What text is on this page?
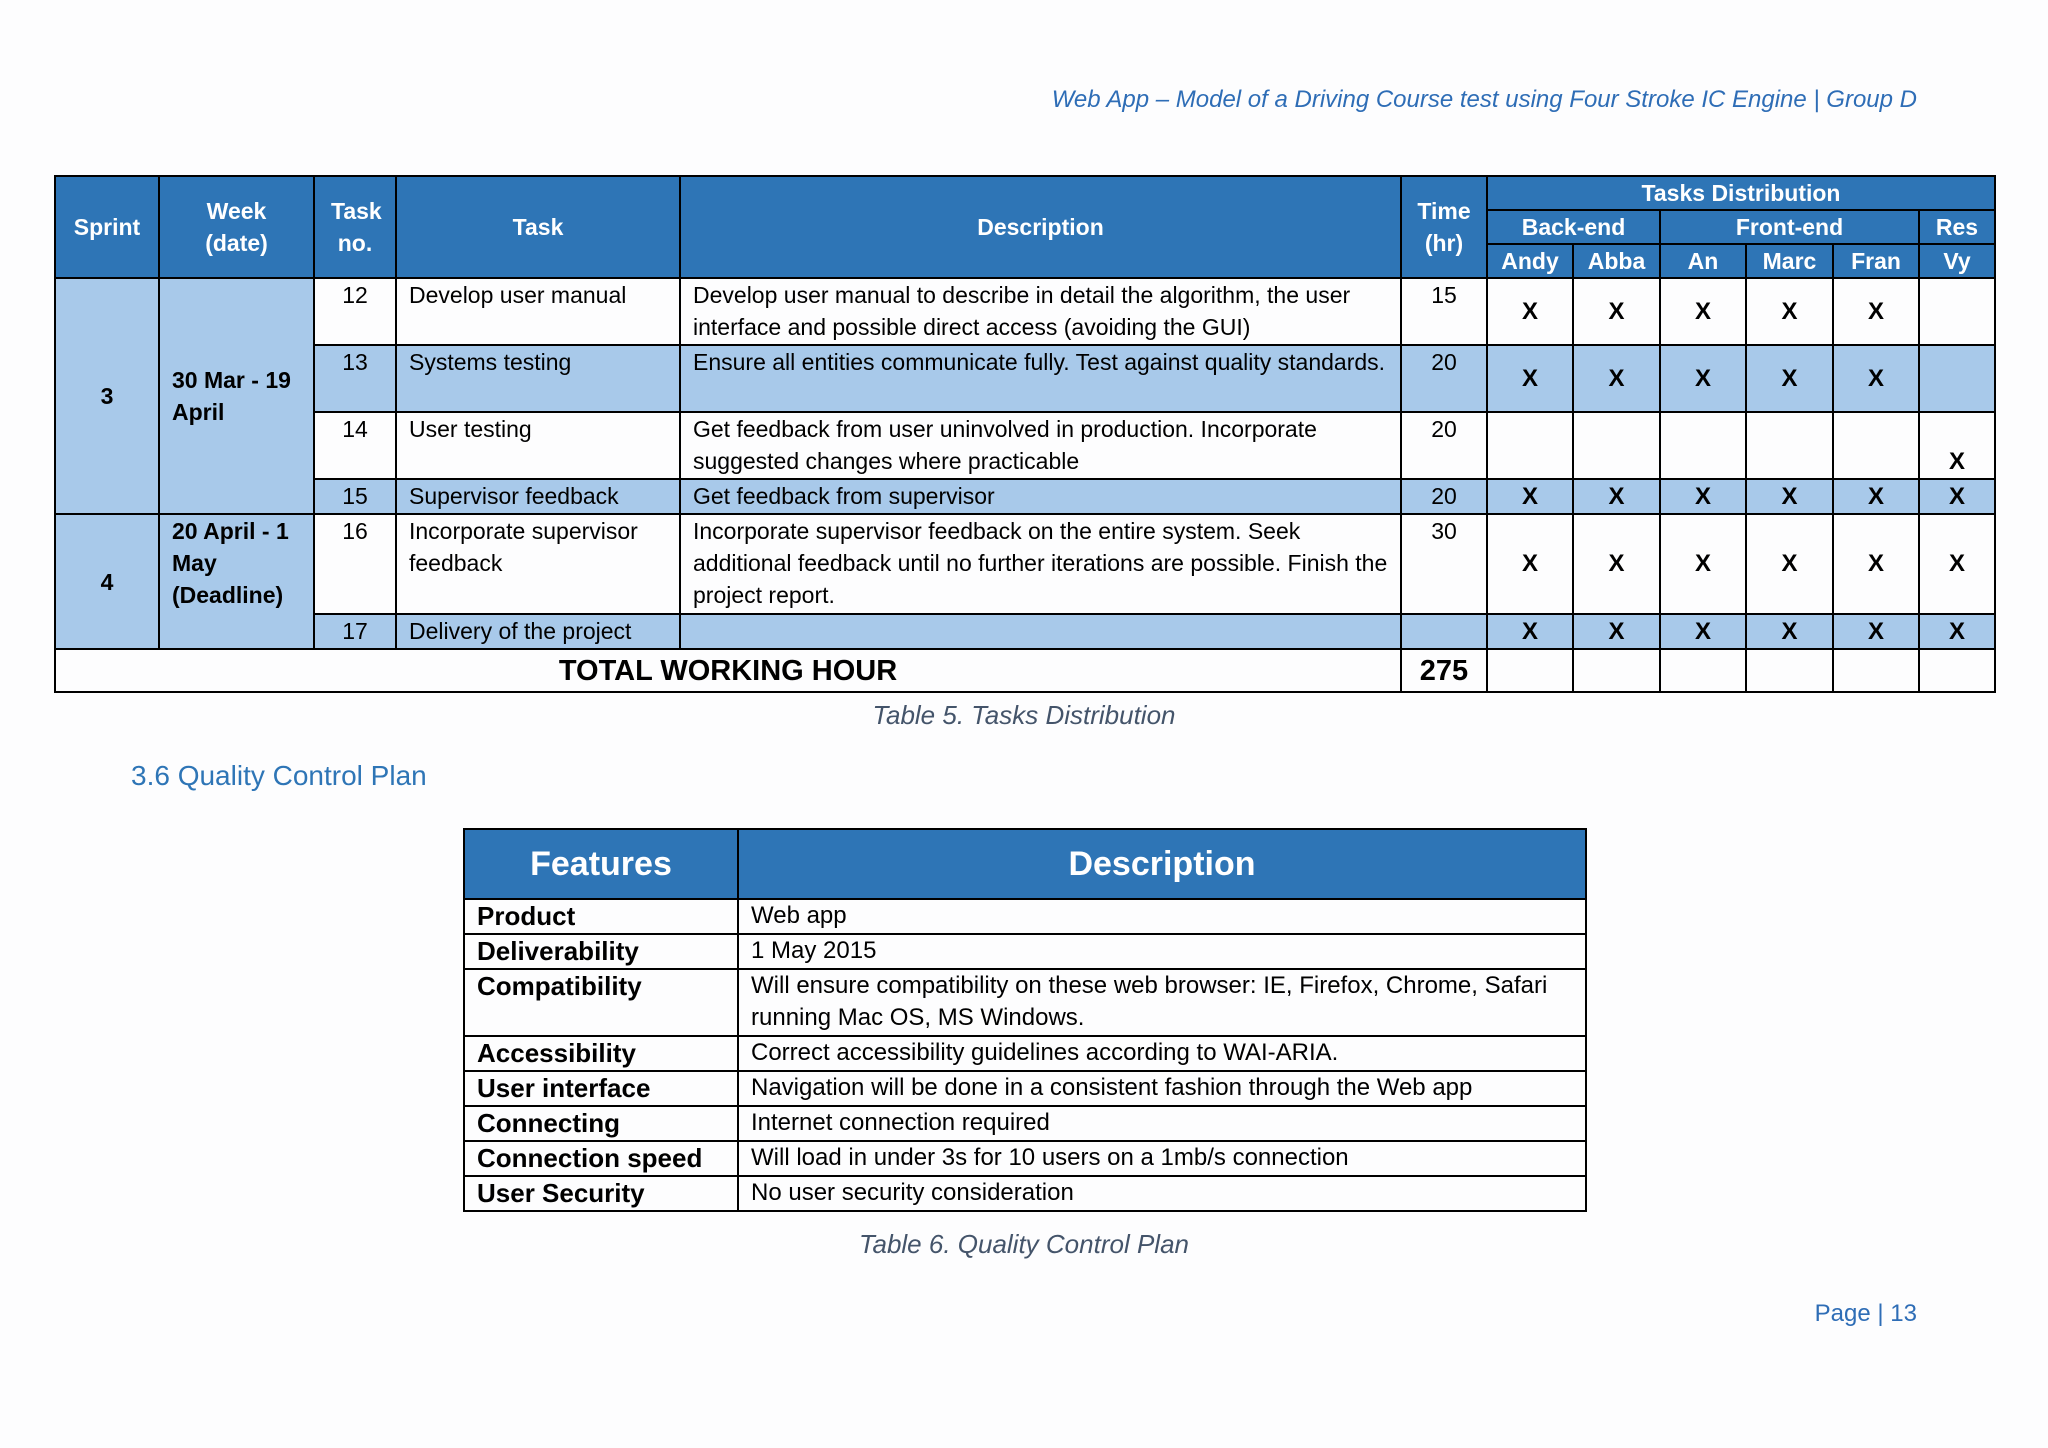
Web App – Model of a Driving Course test using Four Stroke IC Engine | Group D
Sprint	Week (date)	Task no.	Task	Description	Time (hr)	Tasks Distribution					
						Back-end		Front-end			Res
						Andy	Abba	An	Marc	Fran	Vy
3	30 Mar - 19 April	12	Develop user manual	Develop user manual to describe in detail the algorithm, the user interface and possible direct access (avoiding the GUI)	15	X	X	X	X	X	
		13	Systems testing	Ensure all entities communicate fully. Test against quality standards.	20	X	X	X	X	X	
		14	User testing	Get feedback from user uninvolved in production. Incorporate suggested changes where practicable	20						X
		15	Supervisor feedback	Get feedback from supervisor	20	X	X	X	X	X	X
4	20 April - 1 May (Deadline)	16	Incorporate supervisor feedback	Incorporate supervisor feedback on the entire system. Seek additional feedback until no further iterations are possible. Finish the project report.	30	X	X	X	X	X	X
		17	Delivery of the project			X	X	X	X	X	X
TOTAL WORKING HOUR					275						
Table 5. Tasks Distribution
3.6 Quality Control Plan
Features	Description
Product	Web app
Deliverability	1 May 2015
Compatibility	Will ensure compatibility on these web browser: IE, Firefox, Chrome, Safari running Mac OS, MS Windows.
Accessibility	Correct accessibility guidelines according to WAI-ARIA.
User interface	Navigation will be done in a consistent fashion through the Web app
Connecting	Internet connection required
Connection speed	Will load in under 3s for 10 users on a 1mb/s connection
User Security	No user security consideration
Table 6. Quality Control Plan
Page | 13
